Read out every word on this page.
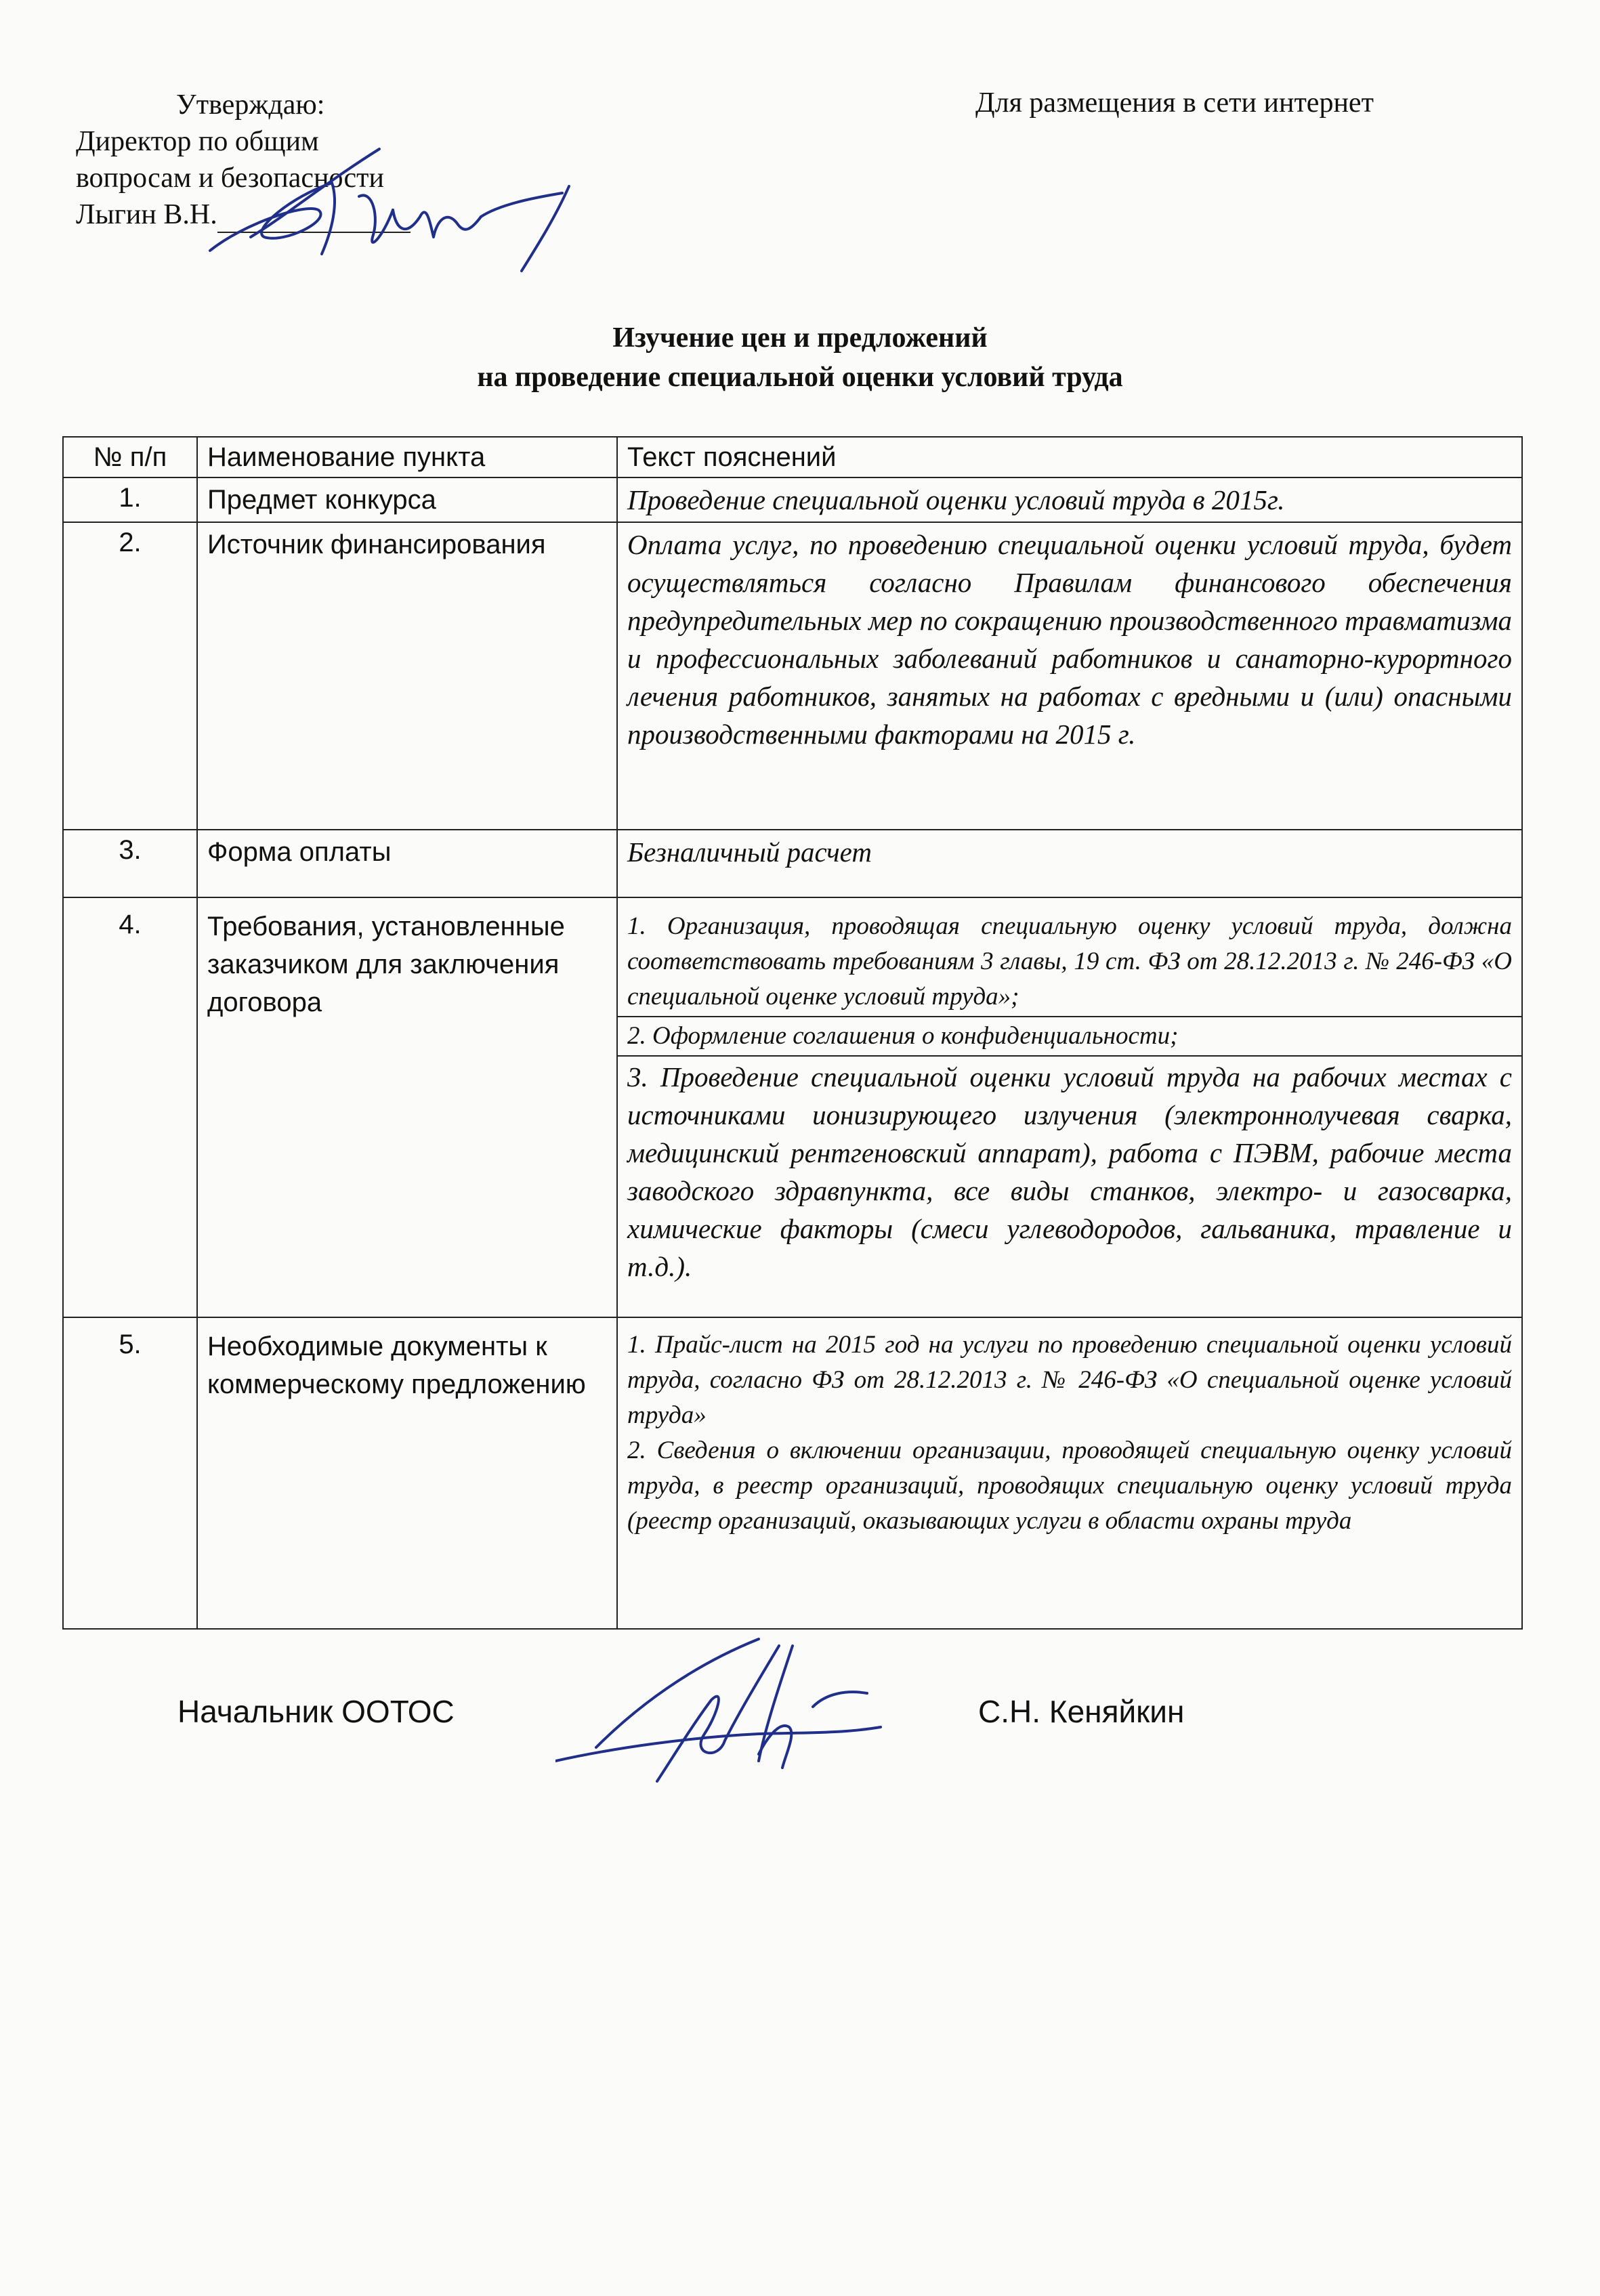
Утверждаю:
Директор по общим
вопросам и безопасности
Лыгин В.Н.
Для размещения в сети интернет
Изучение цен и предложений
на проведение специальной оценки условий труда
№ п/п	Наименование пункта	Текст пояснений
1.	Предмет конкурса	Проведение специальной оценки условий труда в 2015г.
2.	Источник финансирования	Оплата услуг, по проведению специальной оценки условий труда, будет осуществляться согласно Правилам финансового обеспечения предупредительных мер по сокращению производственного травматизма и профессиональных заболеваний работников и санаторно-курортного лечения работников, занятых на работах с вредными и (или) опасными производственными факторами на 2015 г.
3.	Форма оплаты	Безналичный расчет
4.	Требования, установленные заказчиком для заключения договора	1. Организация, проводящая специальную оценку условий труда, должна соответствовать требованиям 3 главы, 19 ст. ФЗ от 28.12.2013 г. № 246-ФЗ «О специальной оценке условий труда»;
2. Оформление соглашения о конфиденциальности;
3. Проведение специальной оценки условий труда на рабочих местах с источниками ионизирующего излучения (электроннолучевая сварка, медицинский рентгеновский аппарат), работа с ПЭВМ, рабочие места заводского здравпункта, все виды станков, электро- и газосварка, химические факторы (смеси углеводородов, гальваника, травление и т.д.).

5.	Необходимые документы к коммерческому предложению	1. Прайс-лист на 2015 год на услуги по проведению специальной оценки условий труда, согласно ФЗ от 28.12.2013 г. № 246-ФЗ «О специальной оценке условий труда»
2. Сведения о включении организации, проводящей специальную оценку условий труда, в реестр организаций, проводящих специальную оценку условий труда (реестр организаций, оказывающих услуги в области охраны труда
Начальник ООТОС	С.Н. Кеняйкин
